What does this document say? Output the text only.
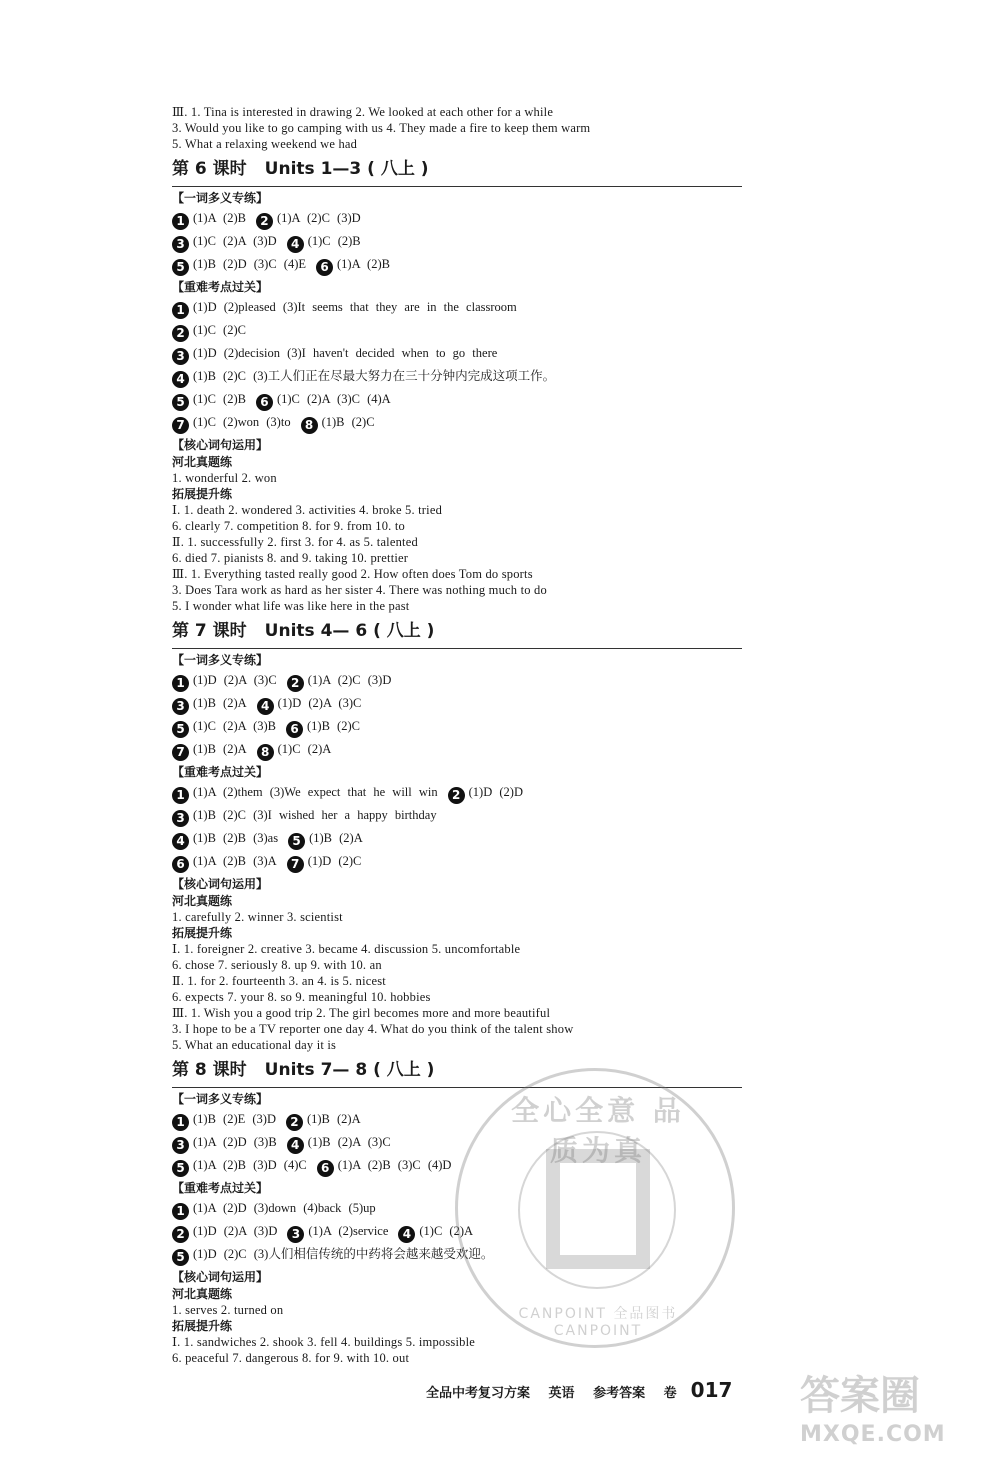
Ⅲ. 1. Tina is interested in drawing 2. We looked at each other for a while
3. Would you like to go camping with us 4. They made a fire to keep them warm
5. What a relaxing weekend we had
第 6 课时 Units 1—3 ( 八上 )
【一词多义专练】
1 (1)A (2)B 2 (1)A (2)C (3)D
3 (1)C (2)A (3)D 4 (1)C (2)B
5 (1)B (2)D (3)C (4)E 6 (1)A (2)B
【重难考点过关】
1 (1)D (2)pleased (3)It seems that they are in the classroom
2 (1)C (2)C
3 (1)D (2)decision (3)I haven't decided when to go there
4 (1)B (2)C (3)工人们正在尽最大努力在三十分钟内完成这项工作。
5 (1)C (2)B 6 (1)C (2)A (3)C (4)A
7 (1)C (2)won (3)to 8 (1)B (2)C
【核心词句运用】
河北真题练
1. wonderful 2. won
拓展提升练
Ⅰ. 1. death 2. wondered 3. activities 4. broke 5. tried
6. clearly 7. competition 8. for 9. from 10. to
Ⅱ. 1. successfully 2. first 3. for 4. as 5. talented
6. died 7. pianists 8. and 9. taking 10. prettier
Ⅲ. 1. Everything tasted really good 2. How often does Tom do sports
3. Does Tara work as hard as her sister 4. There was nothing much to do
5. I wonder what life was like here in the past
第 7 课时 Units 4— 6 ( 八上 )
【一词多义专练】
1 (1)D (2)A (3)C 2 (1)A (2)C (3)D
3 (1)B (2)A 4 (1)D (2)A (3)C
5 (1)C (2)A (3)B 6 (1)B (2)C
7 (1)B (2)A 8 (1)C (2)A
【重难考点过关】
1 (1)A (2)them (3)We expect that he will win 2 (1)D (2)D
3 (1)B (2)C (3)I wished her a happy birthday
4 (1)B (2)B (3)as 5 (1)B (2)A
6 (1)A (2)B (3)A 7 (1)D (2)C
【核心词句运用】
河北真题练
1. carefully 2. winner 3. scientist
拓展提升练
Ⅰ. 1. foreigner 2. creative 3. became 4. discussion 5. uncomfortable
6. chose 7. seriously 8. up 9. with 10. an
Ⅱ. 1. for 2. fourteenth 3. an 4. is 5. nicest
6. expects 7. your 8. so 9. meaningful 10. hobbies
Ⅲ. 1. Wish you a good trip 2. The girl becomes more and more beautiful
3. I hope to be a TV reporter one day 4. What do you think of the talent show
5. What an educational day it is
第 8 课时 Units 7— 8 ( 八上 )
【一词多义专练】
1 (1)B (2)E (3)D 2 (1)B (2)A
3 (1)A (2)D (3)B 4 (1)B (2)A (3)C
5 (1)A (2)B (3)D (4)C 6 (1)A (2)B (3)C (4)D
【重难考点过关】
1 (1)A (2)D (3)down (4)back (5)up
2 (1)D (2)A (3)D 3 (1)A (2)service 4 (1)C (2)A
5 (1)D (2)C (3)人们相信传统的中药将会越来越受欢迎。
【核心词句运用】
河北真题练
1. serves 2. turned on
拓展提升练
Ⅰ. 1. sandwiches 2. shook 3. fell 4. buildings 5. impossible
6. peaceful 7. dangerous 8. for 9. with 10. out
全心全意 品质为真
CANPOINT 全品图书 CANPOINT
全品中考复习方案 英语 参考答案 卷 017 答案圈
MXQE.COM
